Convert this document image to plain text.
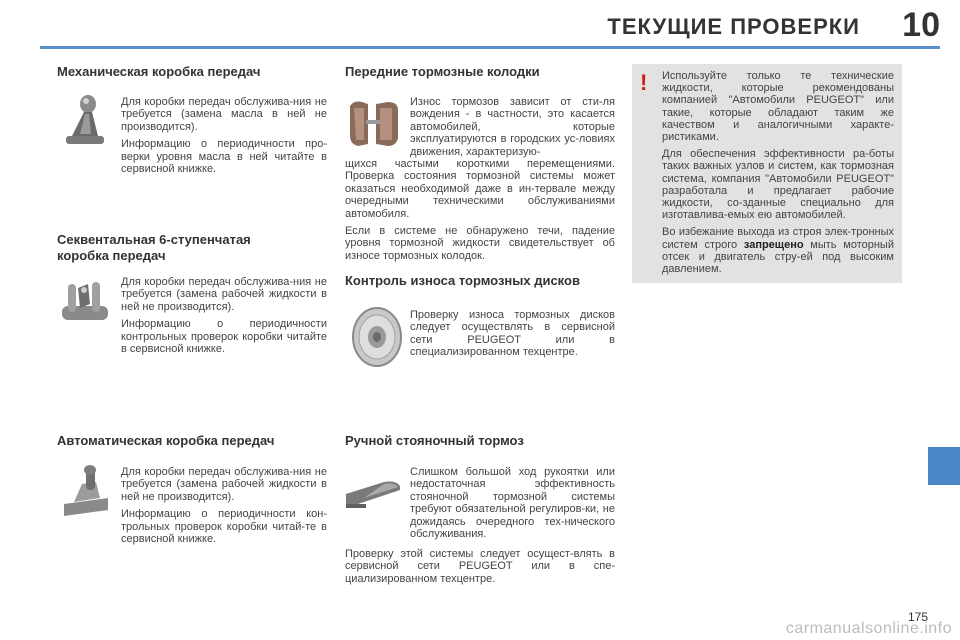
ТЕКУЩИЕ ПРОВЕРКИ 10
Механическая коробка передач
Для коробки передач обслужива-ния не требуется (замена масла в ней не производится).
Информацию о периодичности про-верки уровня масла в ней читайте в сервисной книжке.
Секвентальная 6-ступенчатая
коробка передач
Для коробки передач обслужива-ния не требуется (замена рабочей жидкости в ней не производится).
Информацию о периодичности контрольных проверок коробки читайте в сервисной книжке.
Автоматическая коробка передач
Для коробки передач обслужива-ния не требуется (замена рабочей жидкости в ней не производится).
Информацию о периодичности кон-трольных проверок коробки читай-те в сервисной книжке.
Передние тормозные колодки
Износ тормозов зависит от сти-ля вождения - в частности, это касается автомобилей, которые эксплуатируются в городских ус-ловиях движения, характеризую-
щихся частыми короткими перемещениями. Проверка состояния тормозной системы может оказаться необходимой даже в ин-тервале между очередными техническими обслуживаниями автомобиля.
Если в системе не обнаружено течи, падение уровня тормозной жидкости свидетельствует об износе тормозных колодок.
Контроль износа тормозных дисков
Проверку износа тормозных дисков следует осуществлять в сервисной сети PEUGEOT или в специализированном техцентре.
Ручной стояночный тормоз
Слишком большой ход рукоятки или недостаточная эффективность стояночной тормозной системы требуют обязательной регулиров-ки, не дожидаясь очередного тех-нического обслуживания.
Проверку этой системы следует осущест-влять в сервисной сети PEUGEOT или в спе-циализированном техцентре.
! Используйте только те технические жидкости, которые рекомендованы компанией "Автомобили PEUGEOT" или такие, которые обладают таким же качеством и аналогичными характе-ристиками.
Для обеспечения эффективности ра-боты таких важных узлов и систем, как тормозная система, компания "Автомобили PEUGEOT" разработала и предлагает рабочие жидкости, со-зданные специально для изготавлива-емых ею автомобилей.
Во избежание выхода из строя элек-тронных систем строго запрещено мыть моторный отсек и двигатель стру-ей под высоким давлением.
175
carmanualsonline.info
